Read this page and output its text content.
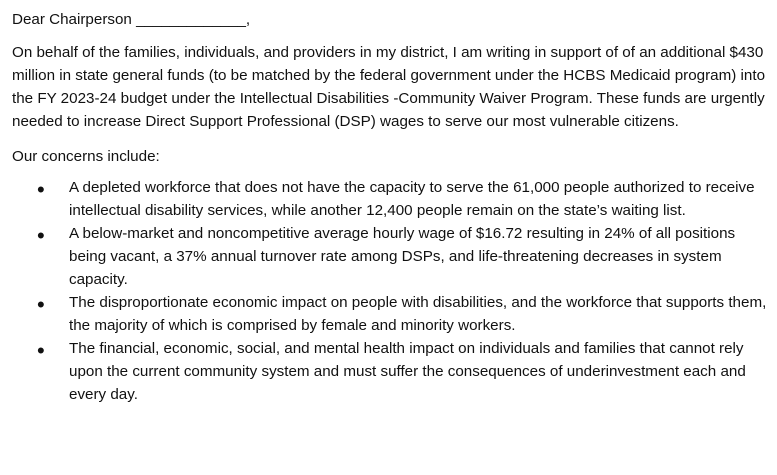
Dear Chairperson _____________,

On behalf of the families, individuals, and providers in my district, I am writing in support of of an additional $430 million in state general funds (to be matched by the federal government under the HCBS Medicaid program) into the FY 2023-24 budget under the Intellectual Disabilities -Community Waiver Program. These funds are urgently needed to increase Direct Support Professional (DSP) wages to serve our most vulnerable citizens.

Our concerns include:

• A depleted workforce that does not have the capacity to serve the 61,000 people authorized to receive intellectual disability services, while another 12,400 people remain on the state’s waiting list.
• A below-market and noncompetitive average hourly wage of $16.72 resulting in 24% of all positions being vacant, a 37% annual turnover rate among DSPs, and life-threatening decreases in system capacity.
• The disproportionate economic impact on people with disabilities, and the workforce that supports them, the majority of which is comprised by female and minority workers.
• The financial, economic, social, and mental health impact on individuals and families that cannot rely upon the current community system and must suffer the consequences of underinvestment each and every day.
